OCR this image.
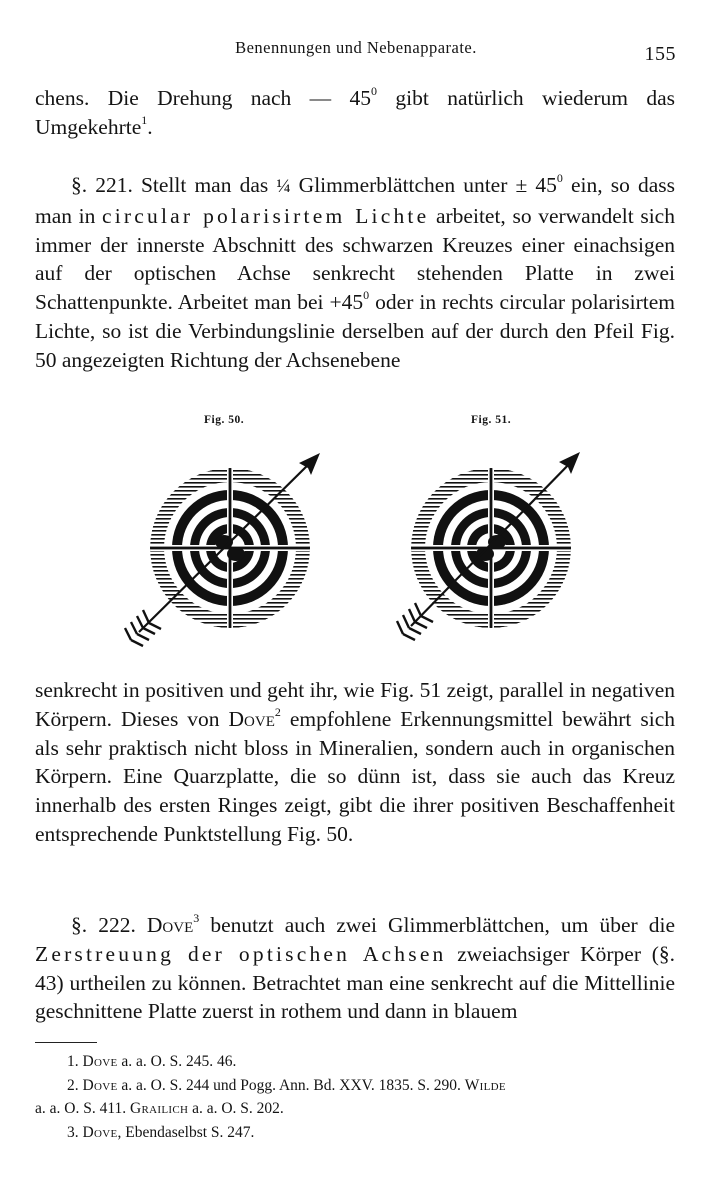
Benennungen und Nebenapparate.	155

chens. Die Drehung nach — $45^0$ gibt natürlich wiederum das Umgekehrte$^1$.

§. 221. Stellt man das ¼ Glimmerblättchen unter ± $45^0$ ein, so dass man in circular polarisirtem Lichte arbeitet, so verwandelt sich immer der innerste Abschnitt des schwarzen Kreuzes einer einachsigen auf der optischen Achse senkrecht stehenden Platte in zwei Schattenpunkte. Arbeitet man bei $+45^0$ oder in rechts circular polarisirtem Lichte, so ist die Verbindungslinie derselben auf der durch den Pfeil Fig. 50 angezeigten Richtung der Achsenebene

Fig. 50.	Fig. 51.

senkrecht in positiven und geht ihr, wie Fig. 51 zeigt, parallel in negativen Körpern. Dieses von Dove$^2$ empfohlene Erkennungsmittel bewährt sich als sehr praktisch nicht bloss in Mineralien, sondern auch in organischen Körpern. Eine Quarzplatte, die so dünn ist, dass sie auch das Kreuz innerhalb des ersten Ringes zeigt, gibt die ihrer positiven Beschaffenheit entsprechende Punktstellung Fig. 50.

§. 222. Dove$^3$ benutzt auch zwei Glimmerblättchen, um über die Zerstreuung der optischen Achsen zweiachsiger Körper (§. 43) urtheilen zu können. Betrachtet man eine senkrecht auf die Mittellinie geschnittene Platte zuerst in rothem und dann in blauem

1. Dove a. a. O. S. 245. 46.
2. Dove a. a. O. S. 244 und Pogg. Ann. Bd. XXV. 1835. S. 290. Wilde
a. a. O. S. 411. Grailich a. a. O. S. 202.
3. Dove, Ebendaselbst S. 247.
